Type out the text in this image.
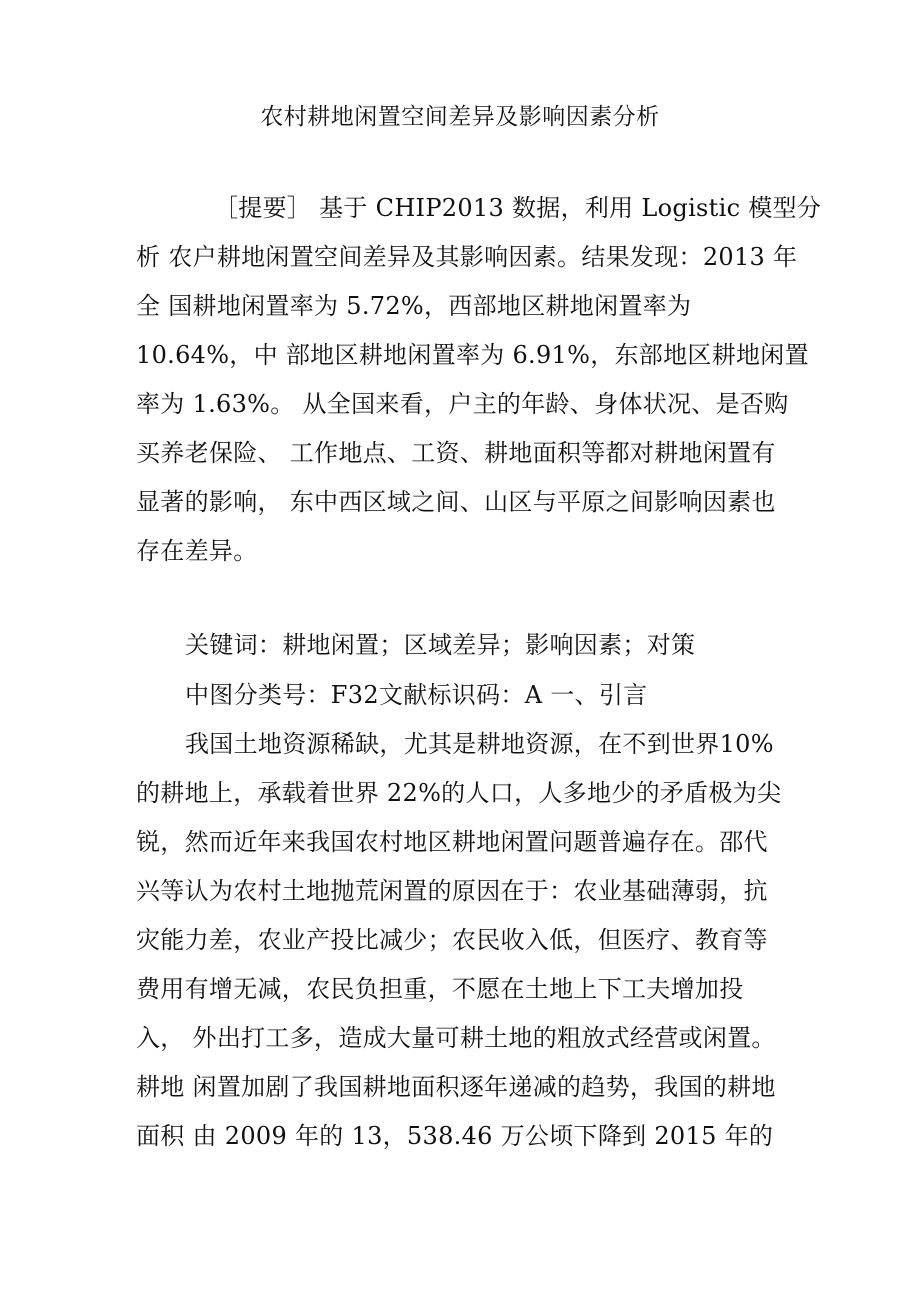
农村耕地闲置空间差异及影响因素分析
［提要］ 基于 CHIP2013 数据，利用 Logistic 模型分
析 农户耕地闲置空间差异及其影响因素。结果发现：2013 年
全 国耕地闲置率为 5.72%，西部地区耕地闲置率为
10.64%，中 部地区耕地闲置率为 6.91%，东部地区耕地闲置
率为 1.63%。 从全国来看，户主的年龄、身体状况、是否购
买养老保险、 工作地点、工资、耕地面积等都对耕地闲置有
显著的影响， 东中西区域之间、山区与平原之间影响因素也
存在差异。
关键词：耕地闲置；区域差异；影响因素；对策
中图分类号：F32文献标识码：A 一、引言
我国土地资源稀缺，尤其是耕地资源，在不到世界10%
的耕地上，承载着世界 22%的人口，人多地少的矛盾极为尖
锐，然而近年来我国农村地区耕地闲置问题普遍存在。邵代
兴等认为农村土地抛荒闲置的原因在于：农业基础薄弱，抗
灾能力差，农业产投比减少；农民收入低，但医疗、教育等
费用有增无减，农民负担重，不愿在土地上下工夫增加投
入， 外出打工多，造成大量可耕土地的粗放式经营或闲置。
耕地 闲置加剧了我国耕地面积逐年递减的趋势，我国的耕地
面积 由 2009 年的 13，538.46 万公顷下降到 2015 年的
